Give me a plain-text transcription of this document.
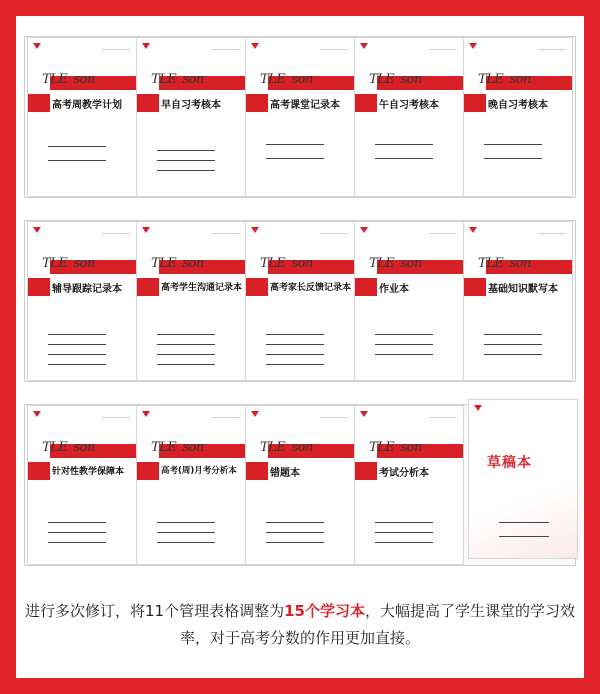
TLEsson
高考周教学计划
TLEsson
早自习考核本
TLEsson
高考课堂记录本
TLEsson
午自习考核本
TLEsson
晚自习考核本
TLEsson
辅导跟踪记录本
TLEsson
高考学生沟通记录本
TLEsson
高考家长反馈记录本
TLEsson
作业本
TLEsson
基础知识默写本
TLEsson
针对性教学保障本
TLEsson
高考(周)月考分析本
TLEsson
错题本
TLEsson
考试分析本
草稿本
进行多次修订，将11个管理表格调整为15个学习本，大幅提高了学生课堂的学习效率，对于高考分数的作用更加直接。
